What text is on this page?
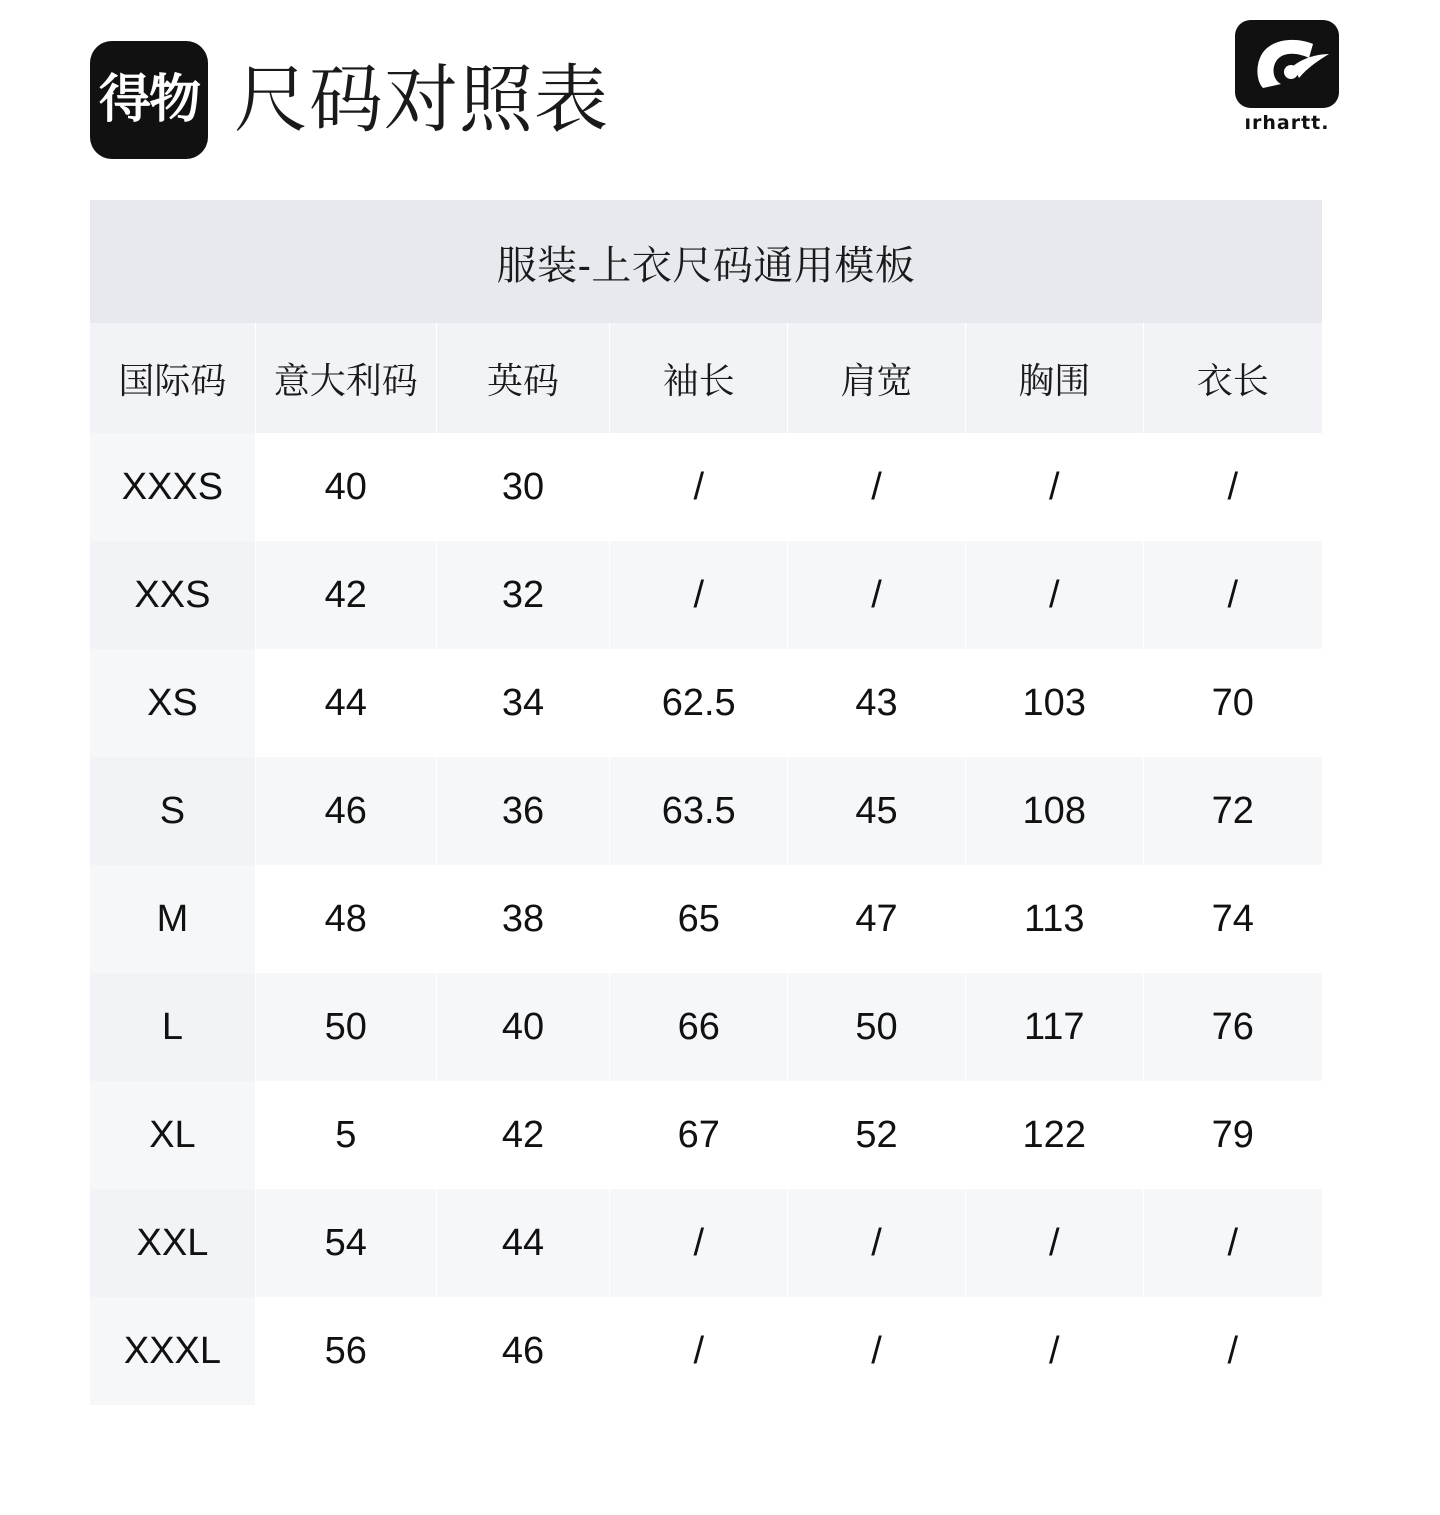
得物 尺码对照表	ırhartt.
服装-上衣尺码通用模板
国际码	意大利码	英码	袖长	肩宽	胸围	衣长
XXXS	40	30	/	/	/	/
XXS	42	32	/	/	/	/
XS	44	34	62.5	43	103	70
S	46	36	63.5	45	108	72
M	48	38	65	47	113	74
L	50	40	66	50	117	76
XL	5	42	67	52	122	79
XXL	54	44	/	/	/	/
XXXL	56	46	/	/	/	/
